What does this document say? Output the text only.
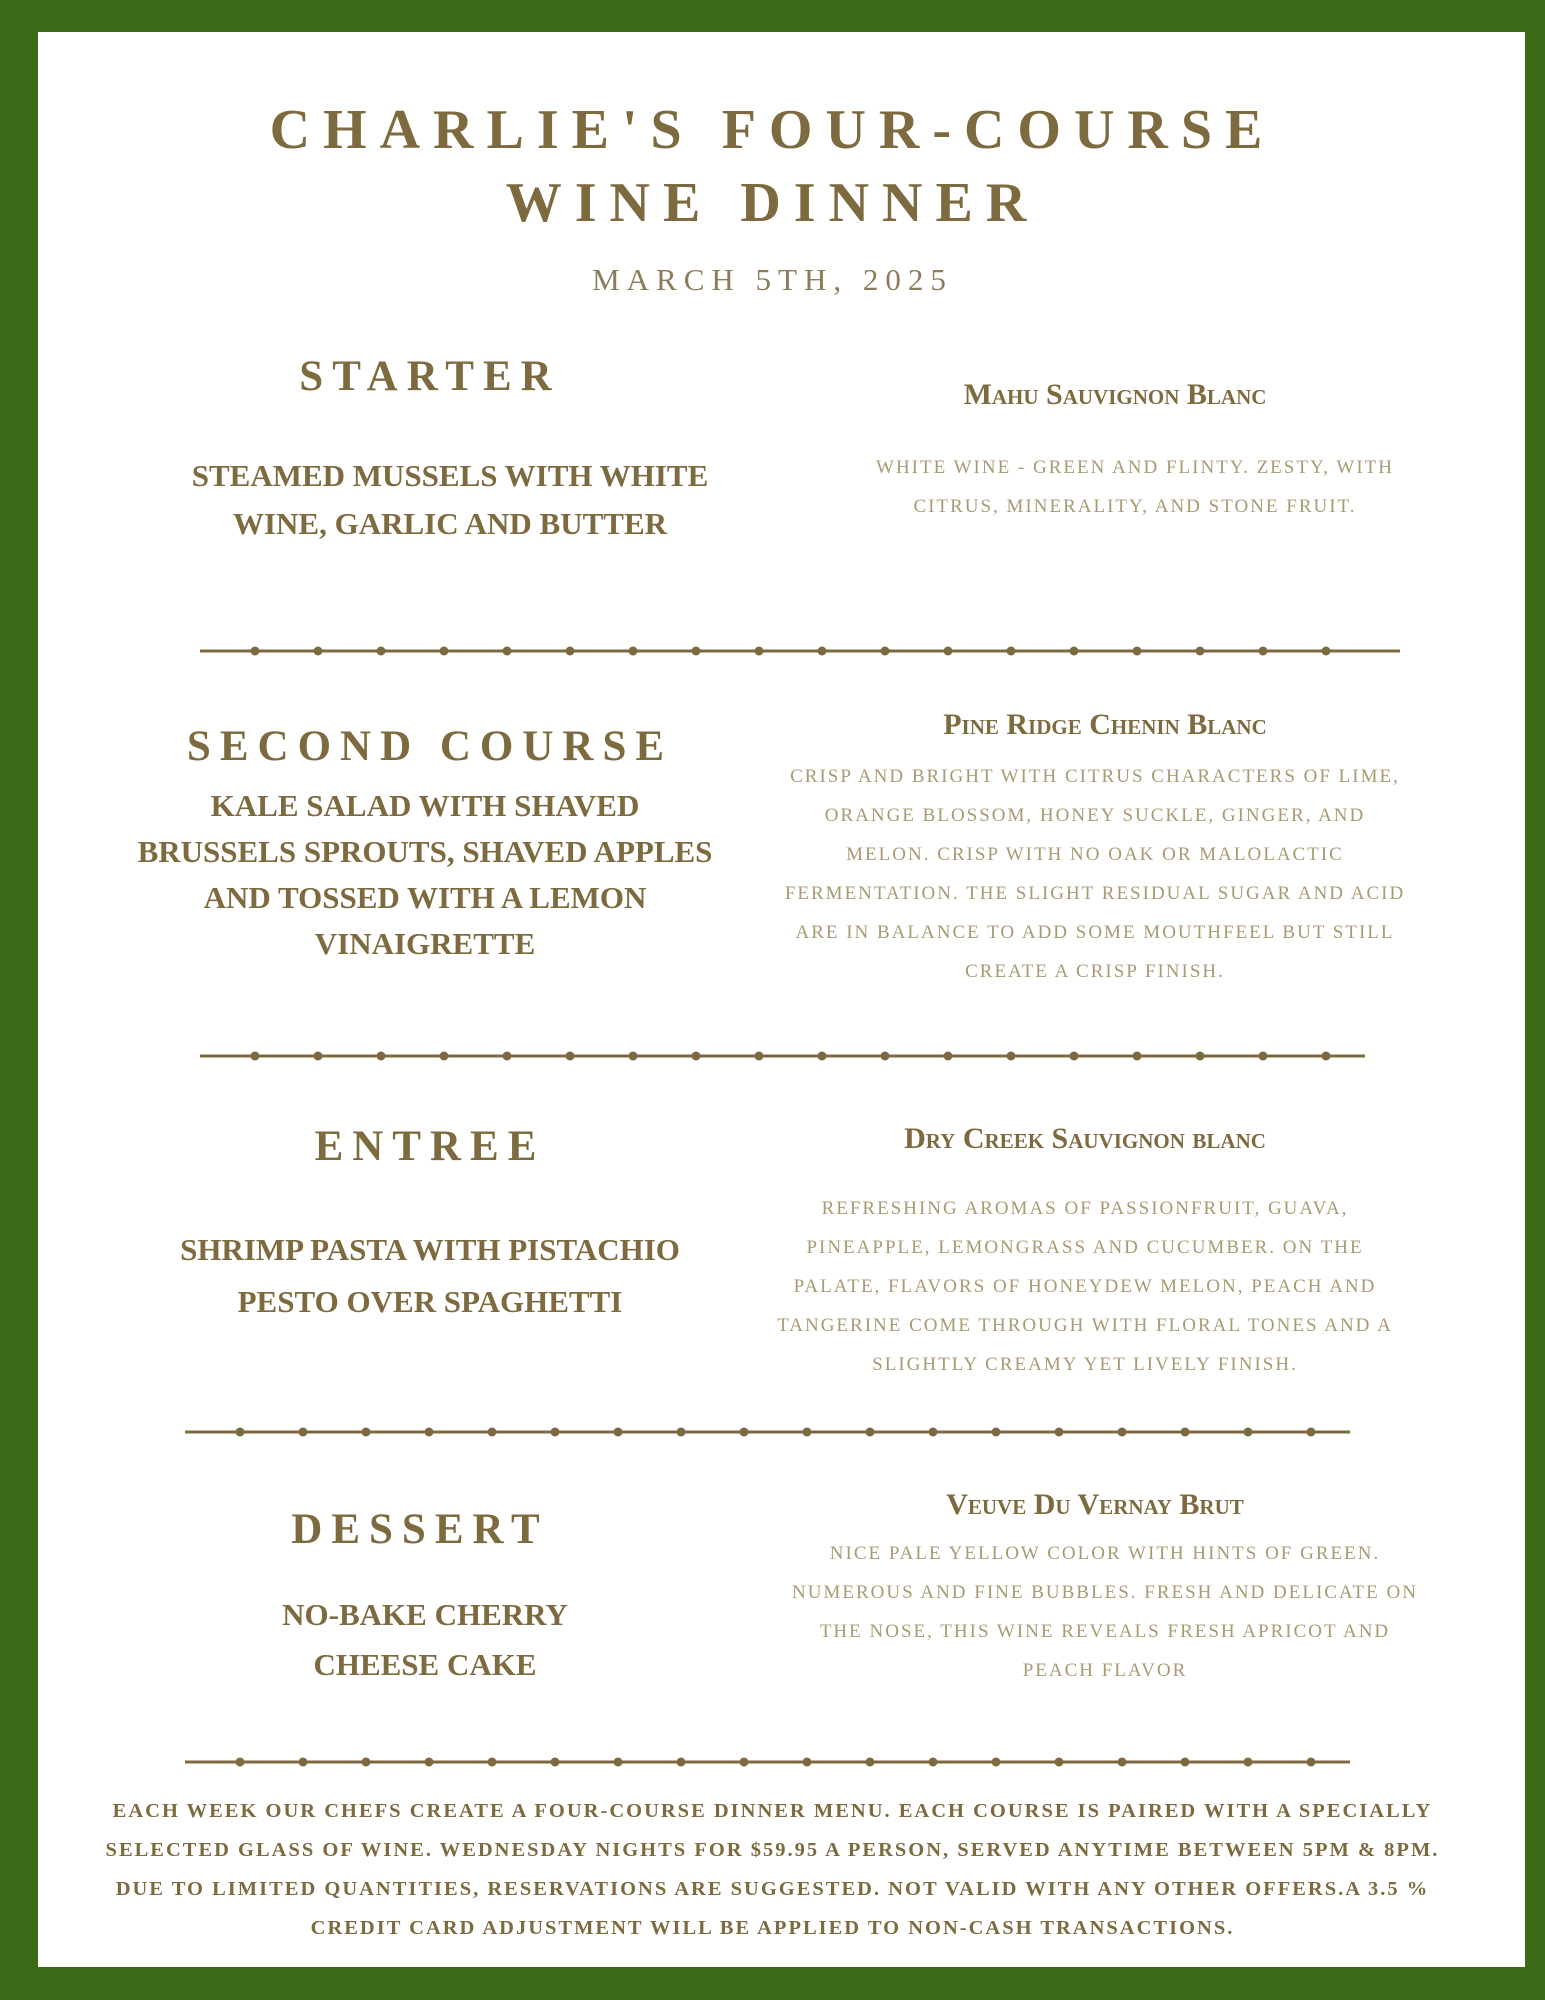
CHARLIE'S FOUR-COURSE
WINE DINNER
MARCH 5TH, 2025
STARTER
STEAMED MUSSELS WITH WHITE WINE, GARLIC AND BUTTER
Mahu Sauvignon Blanc
WHITE WINE - GREEN AND FLINTY. ZESTY, WITH CITRUS, MINERALITY, AND STONE FRUIT.
SECOND COURSE
KALE SALAD WITH SHAVED BRUSSELS SPROUTS, SHAVED APPLES AND TOSSED WITH A LEMON VINAIGRETTE
Pine Ridge Chenin Blanc
CRISP AND BRIGHT WITH CITRUS CHARACTERS OF LIME, ORANGE BLOSSOM, HONEY SUCKLE, GINGER, AND MELON. CRISP WITH NO OAK OR MALOLACTIC FERMENTATION. THE SLIGHT RESIDUAL SUGAR AND ACID ARE IN BALANCE TO ADD SOME MOUTHFEEL BUT STILL CREATE A CRISP FINISH.
ENTREE
SHRIMP PASTA WITH PISTACHIO PESTO OVER SPAGHETTI
Dry Creek Sauvignon blanc
REFRESHING AROMAS OF PASSIONFRUIT, GUAVA, PINEAPPLE, LEMONGRASS AND CUCUMBER. ON THE PALATE, FLAVORS OF HONEYDEW MELON, PEACH AND TANGERINE COME THROUGH WITH FLORAL TONES AND A SLIGHTLY CREAMY YET LIVELY FINISH.
DESSERT
NO-BAKE CHERRY CHEESE CAKE
Veuve Du Vernay Brut
NICE PALE YELLOW COLOR WITH HINTS OF GREEN. NUMEROUS AND FINE BUBBLES. FRESH AND DELICATE ON THE NOSE, THIS WINE REVEALS FRESH APRICOT AND PEACH FLAVOR
EACH WEEK OUR CHEFS CREATE A FOUR-COURSE DINNER MENU. EACH COURSE IS PAIRED WITH A SPECIALLY SELECTED GLASS OF WINE. WEDNESDAY NIGHTS FOR $59.95 A PERSON, SERVED ANYTIME BETWEEN 5PM & 8PM. DUE TO LIMITED QUANTITIES, RESERVATIONS ARE SUGGESTED. NOT VALID WITH ANY OTHER OFFERS.A 3.5 % CREDIT CARD ADJUSTMENT WILL BE APPLIED TO NON-CASH TRANSACTIONS.
